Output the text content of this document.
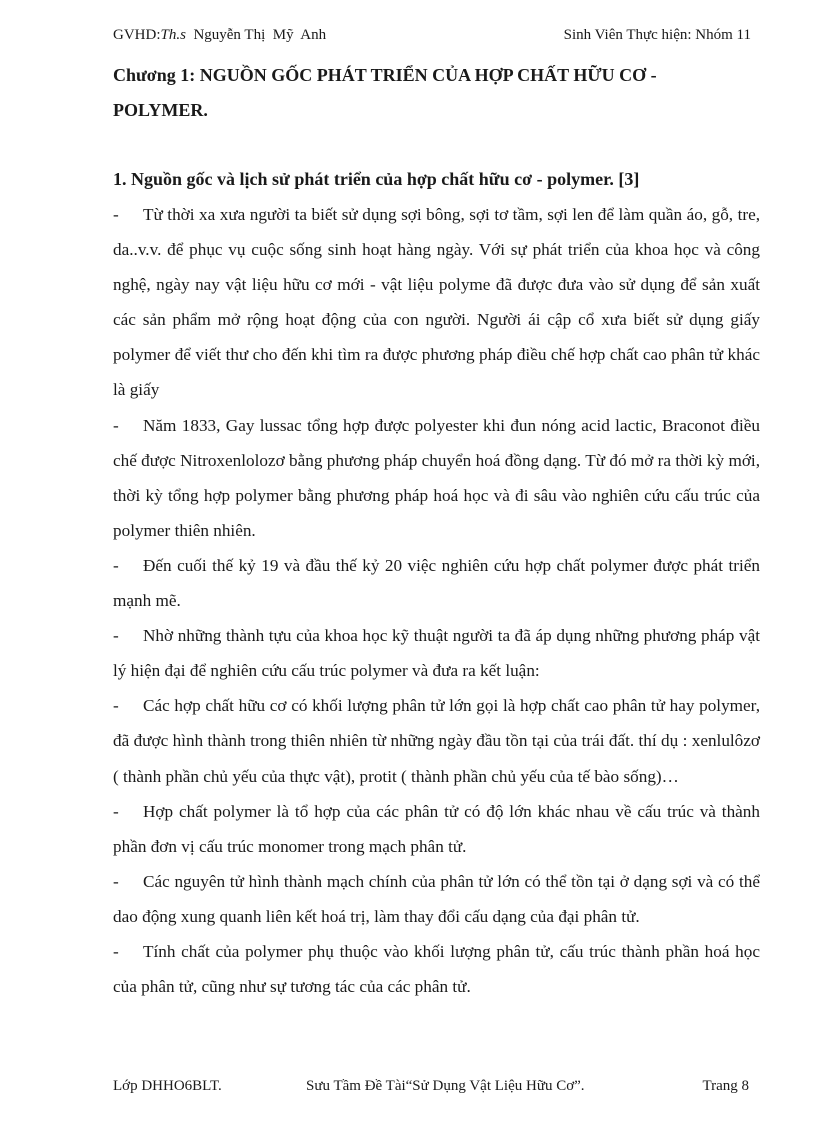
GVHD:Th.s  Nguyễn Thị  Mỹ  Anh	Sinh Viên Thực hiện: Nhóm 11
Chương 1: NGUỒN GỐC PHÁT TRIỂN CỦA HỢP CHẤT HỮU CƠ - POLYMER.
1. Nguồn gốc và lịch sử phát triển của hợp chất hữu cơ - polymer. [3]

- Từ thời xa xưa người ta biết sử dụng sợi bông, sợi tơ tầm, sợi len để làm quần áo, gỗ, tre, da..v.v. để phục vụ cuộc sống sinh hoạt hàng ngày. Với sự phát triển của khoa học và công nghệ, ngày nay vật liệu hữu cơ mới - vật liệu polyme đã được đưa vào sử dụng để sản xuất các sản phẩm mở rộng hoạt động của con người. Người ái cập cổ xưa biết sử dụng giấy polymer để viết thư cho đến khi tìm ra được phương pháp điều chế hợp chất cao phân tử khác là giấy

- Năm 1833, Gay lussac tổng hợp được polyester khi đun nóng acid lactic, Braconot điều chế được Nitroxenlolozơ bằng phương pháp chuyển hoá đồng dạng. Từ đó mở ra thời kỳ mới, thời kỳ tổng hợp polymer bằng phương pháp hoá học và đi sâu vào nghiên cứu cấu trúc của polymer thiên nhiên.

- Đến cuối thế kỷ 19 và đầu thế kỷ 20 việc nghiên cứu hợp chất polymer được phát triển mạnh mẽ.

- Nhờ những thành tựu của khoa học kỹ thuật người ta đã áp dụng những phương pháp vật lý hiện đại để nghiên cứu cấu trúc polymer và đưa ra kết luận:

- Các hợp chất hữu cơ có khối lượng phân tử lớn gọi là hợp chất cao phân tử hay polymer, đã được hình thành trong thiên nhiên từ những ngày đầu tồn tại của trái đất. thí dụ : xenlulôzơ ( thành phần chủ yếu của thực vật), protit ( thành phần chủ yếu của tế bào sống)…

- Hợp chất polymer là tổ hợp của các phân tử có độ lớn khác nhau về cấu trúc và thành phần đơn vị cấu trúc monomer trong mạch phân tử.

- Các nguyên tử hình thành mạch chính của phân tử lớn có thể tồn tại ở dạng sợi và có thể dao động xung quanh liên kết hoá trị, làm thay đổi cấu dạng của đại phân tử.

- Tính chất của polymer phụ thuộc vào khối lượng phân tử, cấu trúc thành phần hoá học của phân tử, cũng như sự tương tác của các phân tử.

Lớp DHHO6BLT.	Sưu Tầm Đề Tài“Sử Dụng Vật Liệu Hữu Cơ”.	Trang 8
